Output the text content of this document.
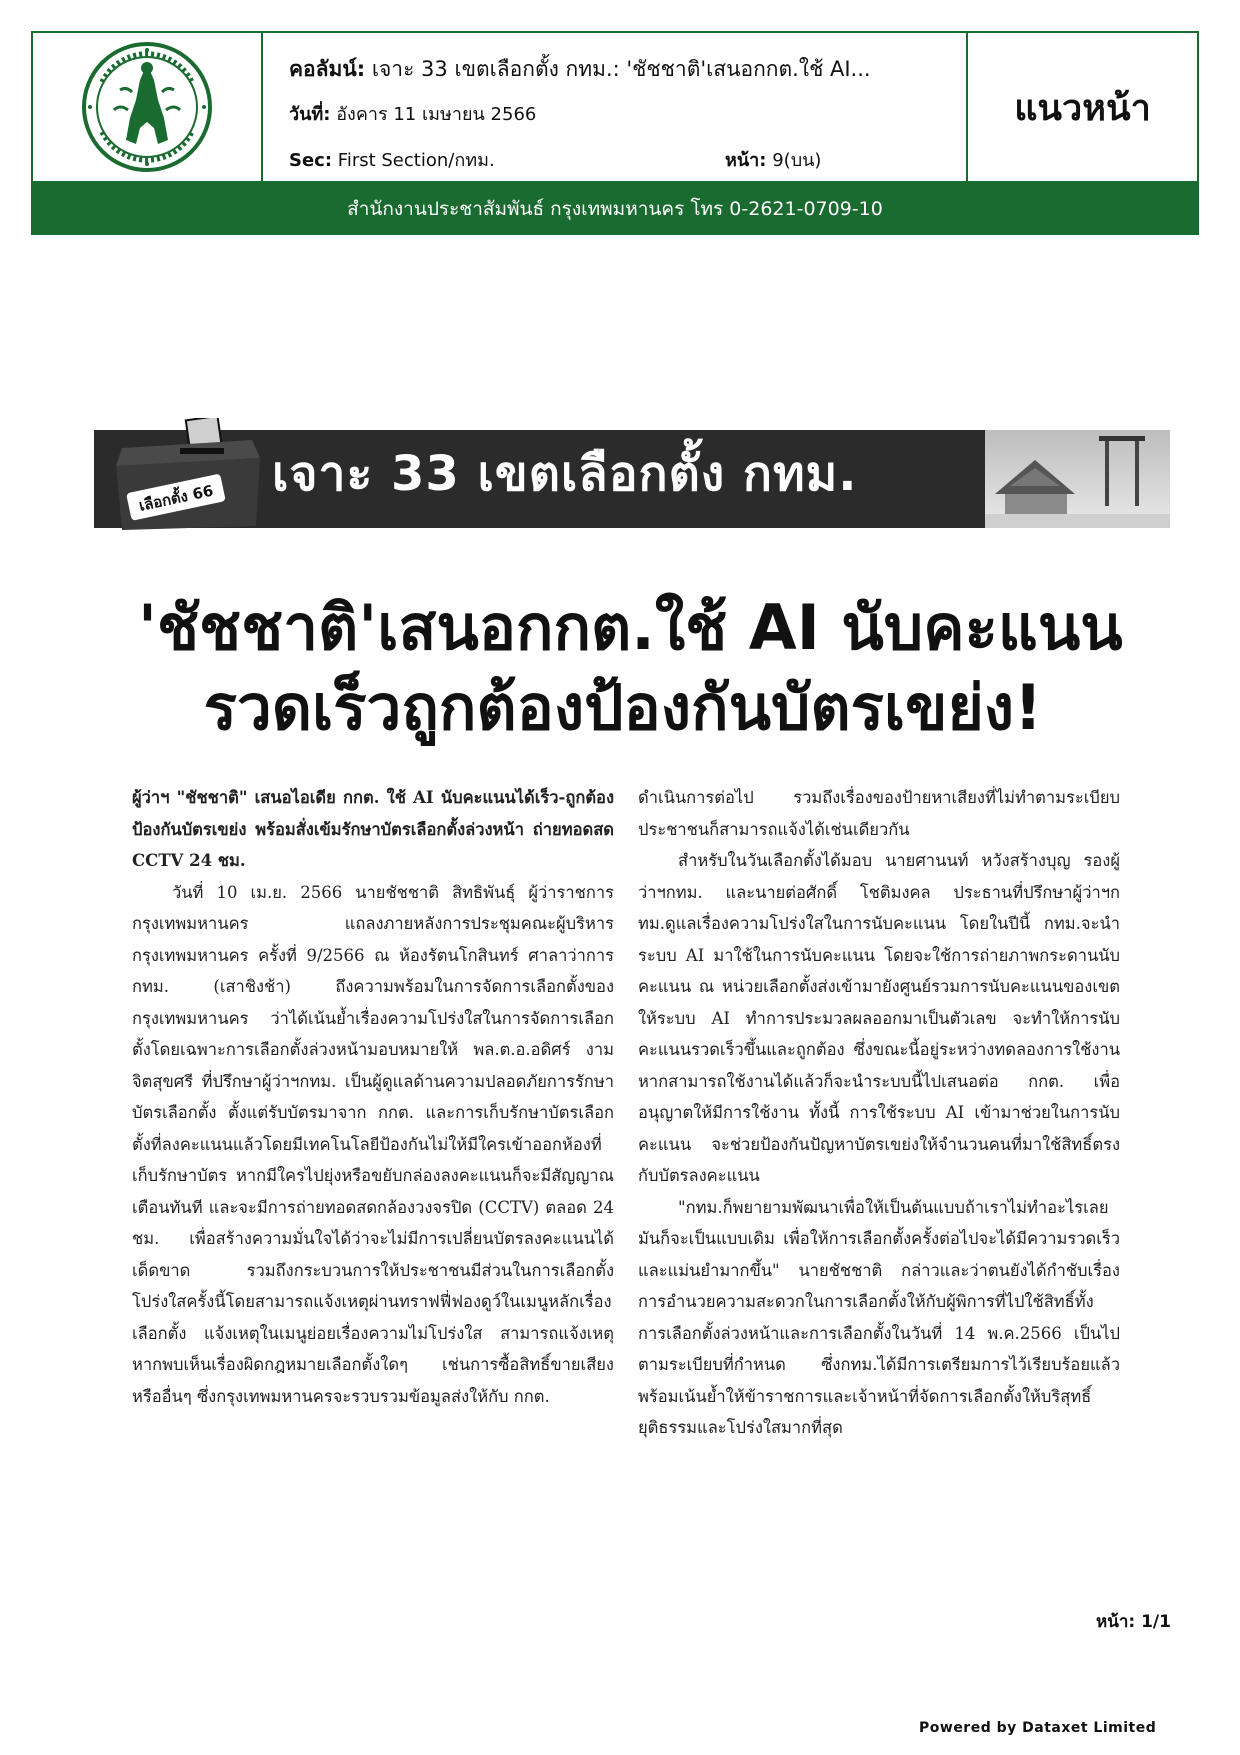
คอลัมน์: เจาะ 33 เขตเลือกตั้ง กทม.: 'ชัชชาติ'เสนอกกต.ใช้ AI...
วันที่: อังคาร 11 เมษายน 2566
Sec: First Section/กทม.	หน้า: 9(บน)
แนวหน้า
สำนักงานประชาสัมพันธ์ กรุงเทพมหานคร โทร 0-2621-0709-10
เลือกตั้ง 66 เจาะ 33 เขตเลือกตั้ง กทม.
'ชัชชาติ'เสนอกกต.ใช้ AI นับคะแนน
รวดเร็วถูกต้องป้องกันบัตรเขย่ง!

ผู้ว่าฯ "ชัชชาติ" เสนอไอเดีย กกต. ใช้ AI นับคะแนนได้เร็ว-ถูกต้อง ป้องกันบัตรเขย่ง พร้อมสั่งเข้มรักษาบัตรเลือกตั้งล่วงหน้า ถ่ายทอดสด CCTV 24 ชม.

วันที่ 10 เม.ย. 2566 นายชัชชาติ สิทธิพันธุ์ ผู้ว่าราชการกรุงเทพมหานคร แถลงภายหลังการประชุมคณะผู้บริหารกรุงเทพมหานคร ครั้งที่ 9/2566 ณ ห้องรัตนโกสินทร์ ศาลาว่าการ กทม. (เสาชิงช้า) ถึงความพร้อมในการจัดการเลือกตั้งของกรุงเทพมหานคร ว่าได้เน้นย้ำเรื่องความโปร่งใสในการจัดการเลือกตั้งโดยเฉพาะการเลือกตั้งล่วงหน้ามอบหมายให้ พล.ต.อ.อดิศร์ งามจิตสุขศรี ที่ปรึกษาผู้ว่าฯกทม. เป็นผู้ดูแลด้านความปลอดภัยการรักษาบัตรเลือกตั้ง ตั้งแต่รับบัตรมาจาก กกต. และการเก็บรักษาบัตรเลือกตั้งที่ลงคะแนนแล้วโดยมีเทคโนโลยีป้องกันไม่ให้มีใครเข้าออกห้องที่เก็บรักษาบัตร หากมีใครไปยุ่งหรือขยับกล่องลงคะแนนก็จะมีสัญญาณเตือนทันที และจะมีการถ่ายทอดสดกล้องวงจรปิด (CCTV) ตลอด 24 ชม. เพื่อสร้างความมั่นใจได้ว่าจะไม่มีการเปลี่ยนบัตรลงคะแนนได้เด็ดขาด รวมถึงกระบวนการให้ประชาชนมีส่วนในการเลือกตั้งโปร่งใสครั้งนี้โดยสามารถแจ้งเหตุผ่านทราฟฟี่ฟองดูว์ในเมนูหลักเรื่องเลือกตั้ง แจ้งเหตุในเมนูย่อยเรื่องความไม่โปร่งใส สามารถแจ้งเหตุ หากพบเห็นเรื่องผิดกฎหมายเลือกตั้งใดๆ เช่นการซื้อสิทธิ์ขายเสียง หรืออื่นๆ ซึ่งกรุงเทพมหานครจะรวบรวมข้อมูลส่งให้กับ กกต.

ดำเนินการต่อไป รวมถึงเรื่องของป้ายหาเสียงที่ไม่ทำตามระเบียบประชาชนก็สามารถแจ้งได้เช่นเดียวกัน

สำหรับในวันเลือกตั้งได้มอบ นายศานนท์ หวังสร้างบุญ รองผู้ว่าฯกทม. และนายต่อศักดิ์ โชติมงคล ประธานที่ปรึกษาผู้ว่าฯกทม.ดูแลเรื่องความโปร่งใสในการนับคะแนน โดยในปีนี้ กทม.จะนำระบบ AI มาใช้ในการนับคะแนน โดยจะใช้การถ่ายภาพกระดานนับคะแนน ณ หน่วยเลือกตั้งส่งเข้ามายังศูนย์รวมการนับคะแนนของเขต ให้ระบบ AI ทำการประมวลผลออกมาเป็นตัวเลข จะทำให้การนับคะแนนรวดเร็วขึ้นและถูกต้อง ซึ่งขณะนี้อยู่ระหว่างทดลองการใช้งาน หากสามารถใช้งานได้แล้วก็จะนำระบบนี้ไปเสนอต่อ กกต. เพื่ออนุญาตให้มีการใช้งาน ทั้งนี้ การใช้ระบบ AI เข้ามาช่วยในการนับคะแนน จะช่วยป้องกันปัญหาบัตรเขย่งให้จำนวนคนที่มาใช้สิทธิ์ตรงกับบัตรลงคะแนน

"กทม.ก็พยายามพัฒนาเพื่อให้เป็นต้นแบบถ้าเราไม่ทำอะไรเลยมันก็จะเป็นแบบเดิม เพื่อให้การเลือกตั้งครั้งต่อไปจะได้มีความรวดเร็วและแม่นยำมากขึ้น" นายชัชชาติ กล่าวและว่าตนยังได้กำชับเรื่องการอำนวยความสะดวกในการเลือกตั้งให้กับผู้พิการที่ไปใช้สิทธิ์ทั้งการเลือกตั้งล่วงหน้าและการเลือกตั้งในวันที่ 14 พ.ค.2566 เป็นไปตามระเบียบที่กำหนด ซึ่งกทม.ได้มีการเตรียมการไว้เรียบร้อยแล้ว พร้อมเน้นย้ำให้ข้าราชการและเจ้าหน้าที่จัดการเลือกตั้งให้บริสุทธิ์ยุติธรรมและโปร่งใสมากที่สุด

หน้า: 1/1
Powered by Dataxet Limited
